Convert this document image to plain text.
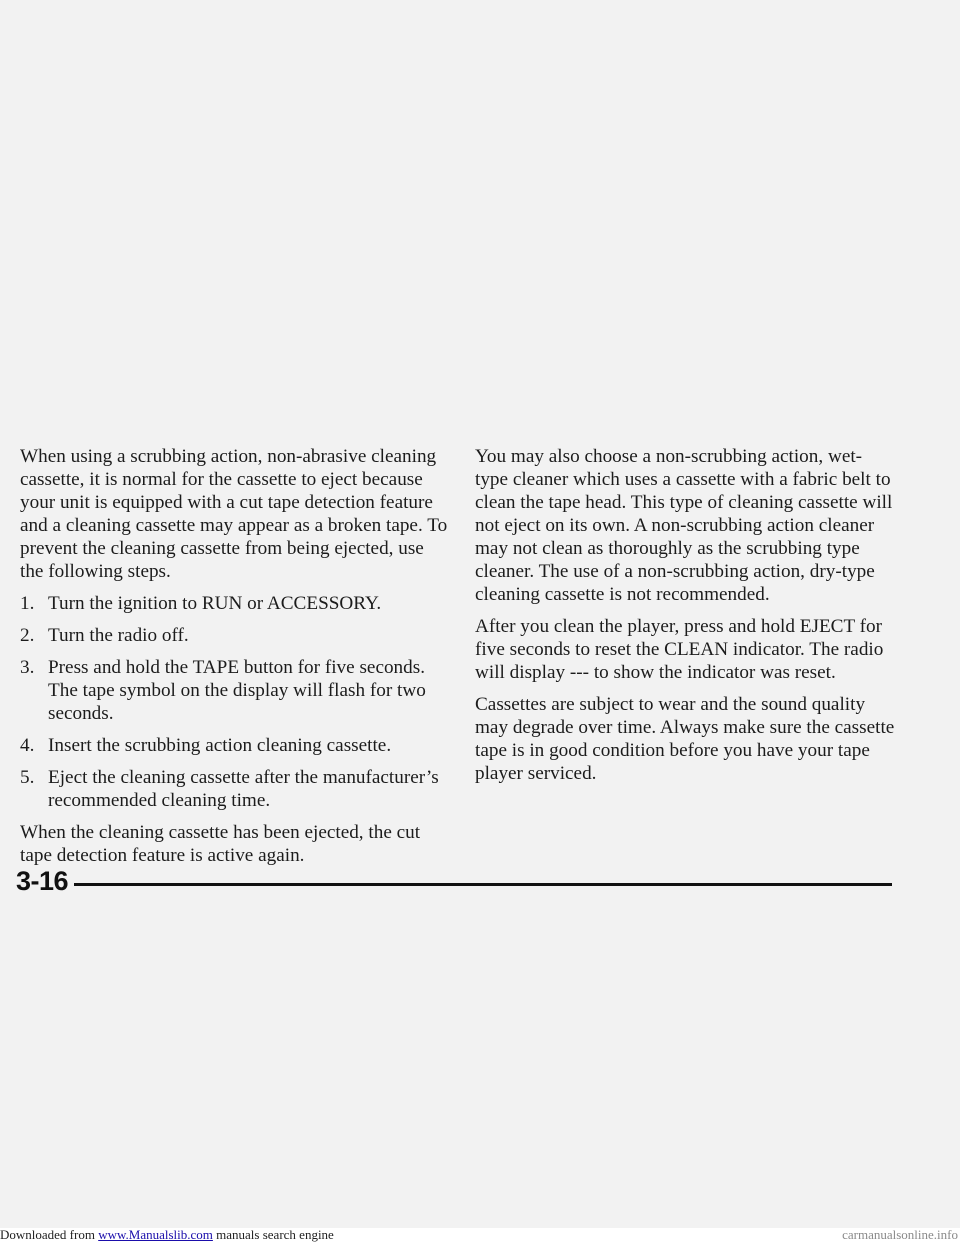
When using a scrubbing action, non-abrasive cleaning cassette, it is normal for the cassette to eject because your unit is equipped with a cut tape detection feature and a cleaning cassette may appear as a broken tape. To prevent the cleaning cassette from being ejected, use the following steps.

1. Turn the ignition to RUN or ACCESSORY.
2. Turn the radio off.
3. Press and hold the TAPE button for five seconds. The tape symbol on the display will flash for two seconds.
4. Insert the scrubbing action cleaning cassette.
5. Eject the cleaning cassette after the manufacturer’s recommended cleaning time.

When the cleaning cassette has been ejected, the cut tape detection feature is active again.

You may also choose a non-scrubbing action, wet-type cleaner which uses a cassette with a fabric belt to clean the tape head. This type of cleaning cassette will not eject on its own. A non-scrubbing action cleaner may not clean as thoroughly as the scrubbing type cleaner. The use of a non-scrubbing action, dry-type cleaning cassette is not recommended.

After you clean the player, press and hold EJECT for five seconds to reset the CLEAN indicator. The radio will display --- to show the indicator was reset.

Cassettes are subject to wear and the sound quality may degrade over time. Always make sure the cassette tape is in good condition before you have your tape player serviced.

3-16
Downloaded from www.Manualslib.com manuals search engine	carmanualsonline.info
